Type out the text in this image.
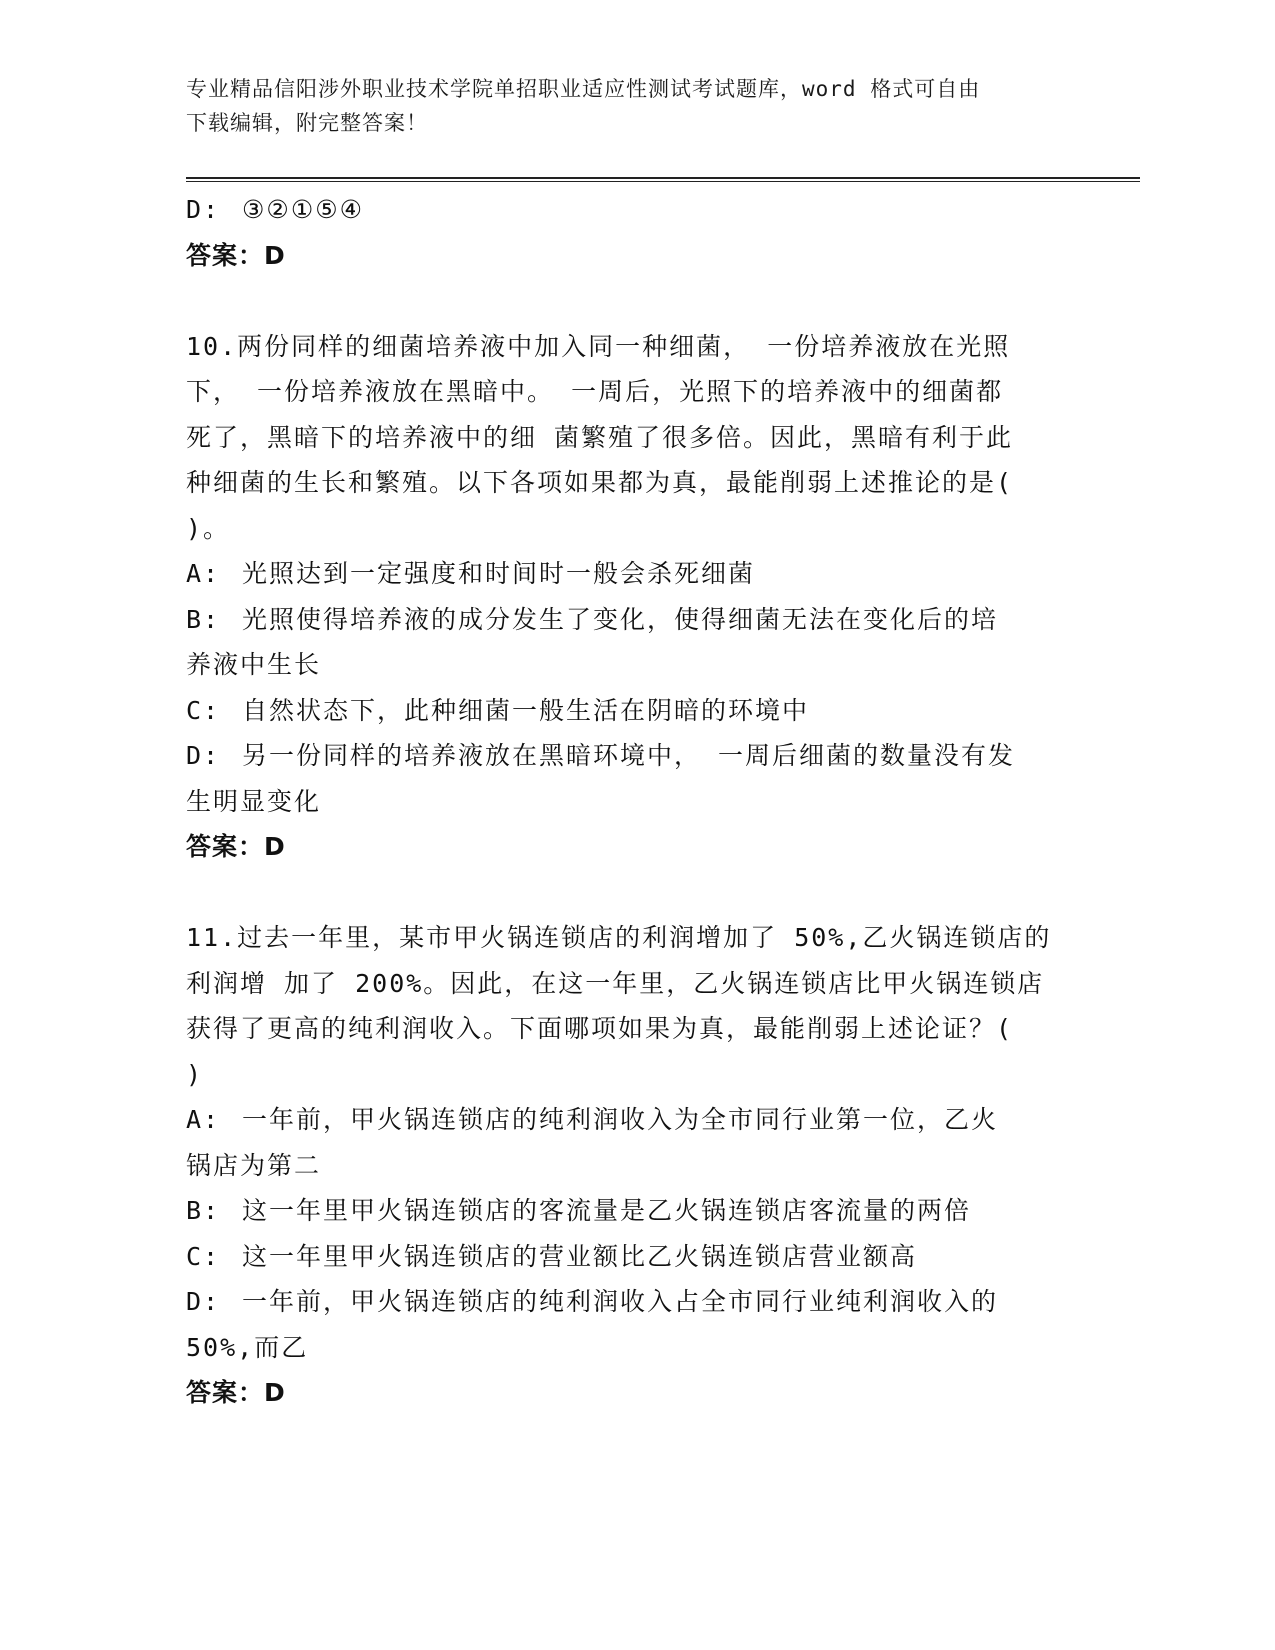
专业精品信阳涉外职业技术学院单招职业适应性测试考试题库，word 格式可自由
下载编辑，附完整答案！
D: ③②①⑤④
答案：D
10.两份同样的细菌培养液中加入同一种细菌， 一份培养液放在光照
下， 一份培养液放在黑暗中。 一周后，光照下的培养液中的细菌都
死了，黑暗下的培养液中的细 菌繁殖了很多倍。因此，黑暗有利于此
种细菌的生长和繁殖。以下各项如果都为真，最能削弱上述推论的是(
)。
A: 光照达到一定强度和时间时一般会杀死细菌
B: 光照使得培养液的成分发生了变化，使得细菌无法在变化后的培
养液中生长
C: 自然状态下，此种细菌一般生活在阴暗的环境中
D: 另一份同样的培养液放在黑暗环境中， 一周后细菌的数量没有发
生明显变化
答案：D
11.过去一年里，某市甲火锅连锁店的利润增加了 50%,乙火锅连锁店的
利润增 加了 200%。因此，在这一年里，乙火锅连锁店比甲火锅连锁店
获得了更高的纯利润收入。下面哪项如果为真，最能削弱上述论证？(
)
A: 一年前，甲火锅连锁店的纯利润收入为全市同行业第一位，乙火
锅店为第二
B: 这一年里甲火锅连锁店的客流量是乙火锅连锁店客流量的两倍
C: 这一年里甲火锅连锁店的营业额比乙火锅连锁店营业额高
D: 一年前，甲火锅连锁店的纯利润收入占全市同行业纯利润收入的
50%,而乙
答案：D
